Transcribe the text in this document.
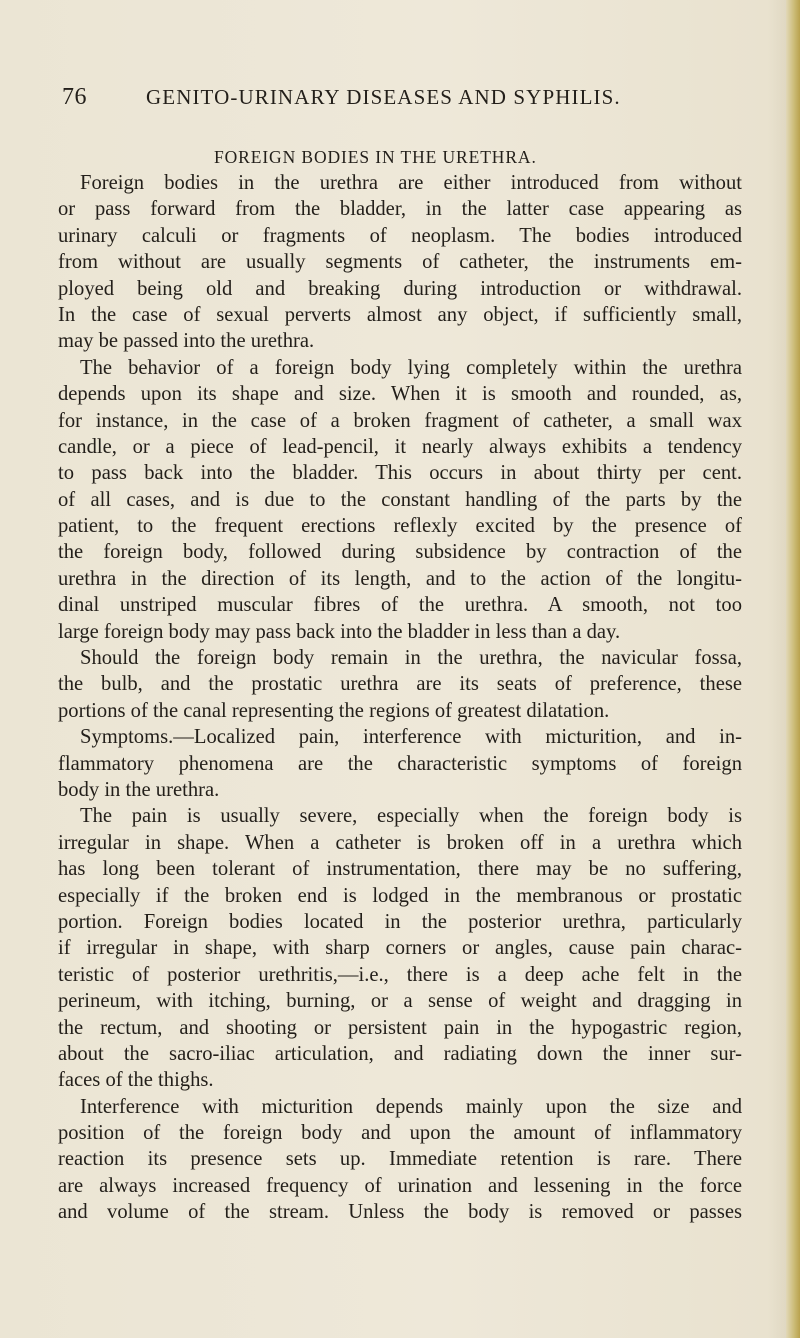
76	GENITO-URINARY DISEASES AND SYPHILIS.
FOREIGN BODIES IN THE URETHRA.
Foreign bodies in the urethra are either introduced from without
or pass forward from the bladder, in the latter case appearing as
urinary calculi or fragments of neoplasm. The bodies introduced
from without are usually segments of catheter, the instruments em-
ployed being old and breaking during introduction or withdrawal.
In the case of sexual perverts almost any object, if sufficiently small,
may be passed into the urethra.
The behavior of a foreign body lying completely within the urethra
depends upon its shape and size. When it is smooth and rounded, as,
for instance, in the case of a broken fragment of catheter, a small wax
candle, or a piece of lead-pencil, it nearly always exhibits a tendency
to pass back into the bladder. This occurs in about thirty per cent.
of all cases, and is due to the constant handling of the parts by the
patient, to the frequent erections reflexly excited by the presence of
the foreign body, followed during subsidence by contraction of the
urethra in the direction of its length, and to the action of the longitu-
dinal unstriped muscular fibres of the urethra. A smooth, not too
large foreign body may pass back into the bladder in less than a day.
Should the foreign body remain in the urethra, the navicular fossa,
the bulb, and the prostatic urethra are its seats of preference, these
portions of the canal representing the regions of greatest dilatation.
Symptoms.—Localized pain, interference with micturition, and in-
flammatory phenomena are the characteristic symptoms of foreign
body in the urethra.
The pain is usually severe, especially when the foreign body is
irregular in shape. When a catheter is broken off in a urethra which
has long been tolerant of instrumentation, there may be no suffering,
especially if the broken end is lodged in the membranous or prostatic
portion. Foreign bodies located in the posterior urethra, particularly
if irregular in shape, with sharp corners or angles, cause pain charac-
teristic of posterior urethritis,—i.e., there is a deep ache felt in the
perineum, with itching, burning, or a sense of weight and dragging in
the rectum, and shooting or persistent pain in the hypogastric region,
about the sacro-iliac articulation, and radiating down the inner sur-
faces of the thighs.
Interference with micturition depends mainly upon the size and
position of the foreign body and upon the amount of inflammatory
reaction its presence sets up. Immediate retention is rare. There
are always increased frequency of urination and lessening in the force
and volume of the stream. Unless the body is removed or passes
